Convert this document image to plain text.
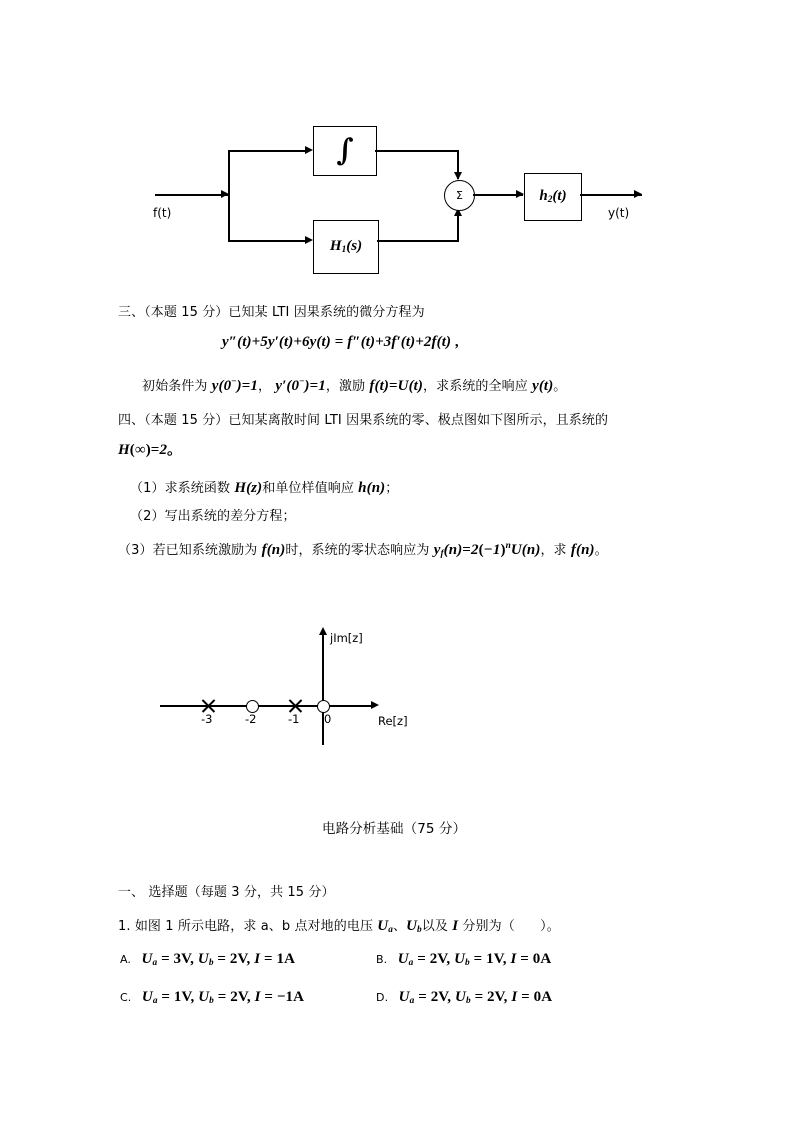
f(t)
∫
$H_1(s)$
Σ	$h_2(t)$
y(t)
三、（本题 15 分）已知某 LTI 因果系统的微分方程为
y″(t)+5y′(t)+6y(t) = f″(t)+3f′(t)+2f(t) ,
初始条件为 y(0−)=1， y′(0−)=1，激励 f(t)=U(t)，求系统的全响应 y(t)。
四、（本题 15 分）已知某离散时间 LTI 因果系统的零、极点图如下图所示，且系统的
H(∞)=2。
（1）求系统函数 H(z)和单位样值响应 h(n)；
（2）写出系统的差分方程；
（3）若已知系统激励为 f(n)时，系统的零状态响应为 $y_f(n)=2(-1)^nU(n)$，求 f(n)。
Re[z]
jIm[z]
-3	-2	-1 0
电路分析基础（75 分）
一、 选择题（每题 3 分，共 15 分）
1. 如图 1 所示电路，求 a、b 点对地的电压 $U_a$、$U_b$以及 I 分别为（      ）。
A. $U_a = 3V$, $U_b = 2V$, I = 1A	B. $U_a = 2V$, $U_b = 1V$, I = 0A
C. $U_a = 1V$, $U_b = 2V$, I = −1A	D. $U_a = 2V$, $U_b = 2V$, I = 0A
